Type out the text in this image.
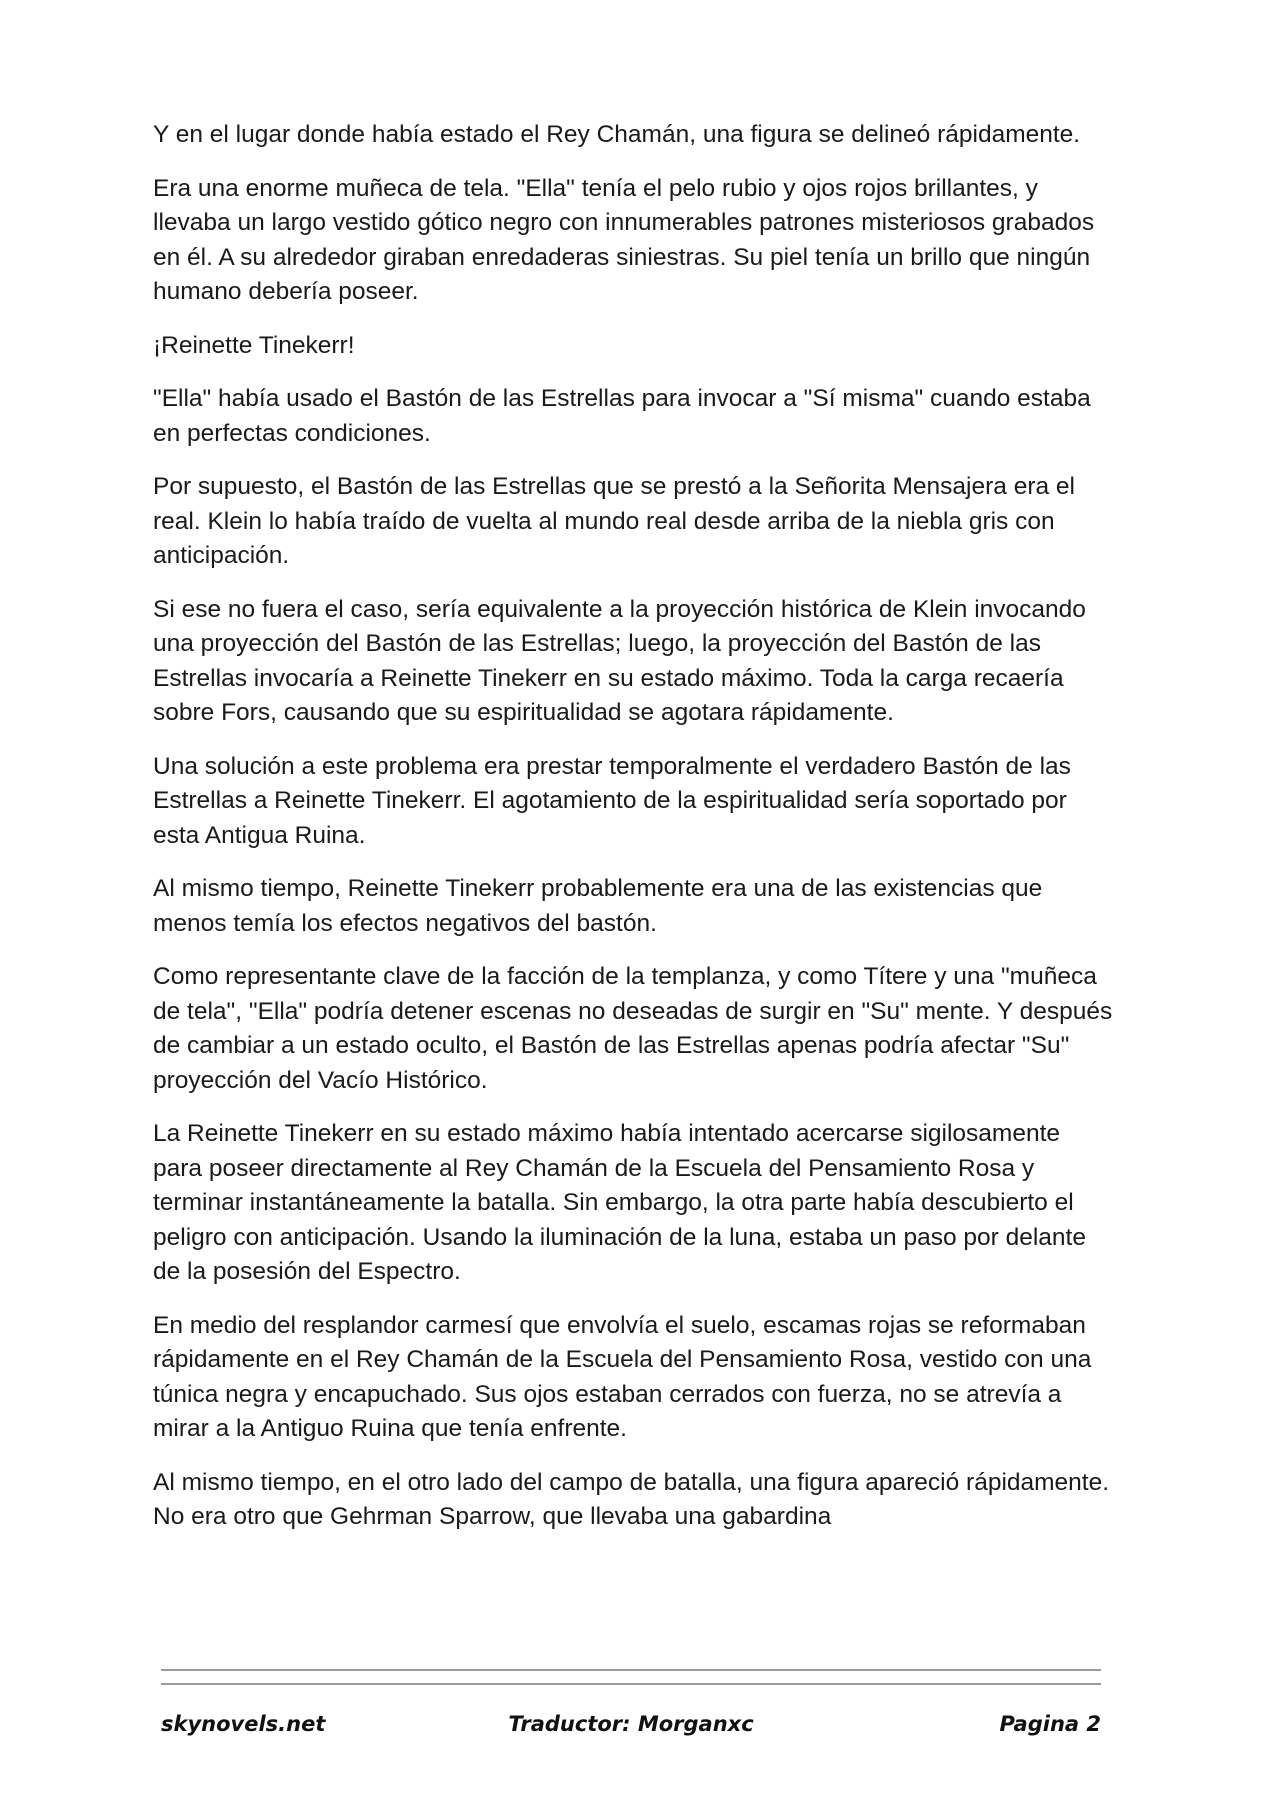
Y en el lugar donde había estado el Rey Chamán, una figura se delineó rápidamente.

Era una enorme muñeca de tela. "Ella" tenía el pelo rubio y ojos rojos brillantes, y llevaba un largo vestido gótico negro con innumerables patrones misteriosos grabados en él. A su alrededor giraban enredaderas siniestras. Su piel tenía un brillo que ningún humano debería poseer.

¡Reinette Tinekerr!

"Ella" había usado el Bastón de las Estrellas para invocar a "Sí misma" cuando estaba en perfectas condiciones.

Por supuesto, el Bastón de las Estrellas que se prestó a la Señorita Mensajera era el real. Klein lo había traído de vuelta al mundo real desde arriba de la niebla gris con anticipación.

Si ese no fuera el caso, sería equivalente a la proyección histórica de Klein invocando una proyección del Bastón de las Estrellas; luego, la proyección del Bastón de las Estrellas invocaría a Reinette Tinekerr en su estado máximo. Toda la carga recaería sobre Fors, causando que su espiritualidad se agotara rápidamente.

Una solución a este problema era prestar temporalmente el verdadero Bastón de las Estrellas a Reinette Tinekerr. El agotamiento de la espiritualidad sería soportado por esta Antigua Ruina.

Al mismo tiempo, Reinette Tinekerr probablemente era una de las existencias que menos temía los efectos negativos del bastón.

Como representante clave de la facción de la templanza, y como Títere y una "muñeca de tela", "Ella" podría detener escenas no deseadas de surgir en "Su" mente. Y después de cambiar a un estado oculto, el Bastón de las Estrellas apenas podría afectar "Su" proyección del Vacío Histórico.

La Reinette Tinekerr en su estado máximo había intentado acercarse sigilosamente para poseer directamente al Rey Chamán de la Escuela del Pensamiento Rosa y terminar instantáneamente la batalla. Sin embargo, la otra parte había descubierto el peligro con anticipación. Usando la iluminación de la luna, estaba un paso por delante de la posesión del Espectro.

En medio del resplandor carmesí que envolvía el suelo, escamas rojas se reformaban rápidamente en el Rey Chamán de la Escuela del Pensamiento Rosa, vestido con una túnica negra y encapuchado. Sus ojos estaban cerrados con fuerza, no se atrevía a mirar a la Antiguo Ruina que tenía enfrente.

Al mismo tiempo, en el otro lado del campo de batalla, una figura apareció rápidamente. No era otro que Gehrman Sparrow, que llevaba una gabardina

skynovels.net	Traductor: Morganxc	Pagina 2
